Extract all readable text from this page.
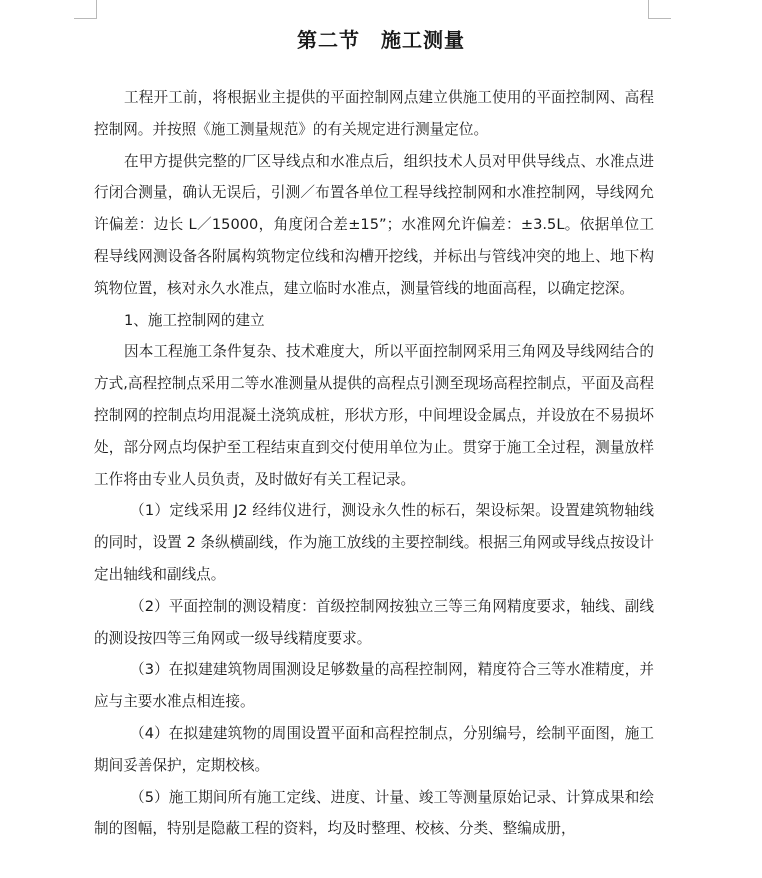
第二节　施工测量

工程开工前，将根据业主提供的平面控制网点建立供施工使用的平面控制网、高程控制网。并按照《施工测量规范》的有关规定进行测量定位。

在甲方提供完整的厂区导线点和水准点后，组织技术人员对甲供导线点、水准点进行闭合测量，确认无误后，引测／布置各单位工程导线控制网和水准控制网，导线网允许偏差：边长 L／15000，角度闭合差±15”；水准网允许偏差：±3.5L。依据单位工程导线网测设备各附属构筑物定位线和沟槽开挖线，并标出与管线冲突的地上、地下构筑物位置，核对永久水准点，建立临时水准点，测量管线的地面高程，以确定挖深。

1、施工控制网的建立

因本工程施工条件复杂、技术难度大，所以平面控制网采用三角网及导线网结合的方式,高程控制点采用二等水准测量从提供的高程点引测至现场高程控制点，平面及高程控制网的控制点均用混凝土浇筑成桩，形状方形，中间埋设金属点，并设放在不易损坏处，部分网点均保护至工程结束直到交付使用单位为止。贯穿于施工全过程，测量放样工作将由专业人员负责，及时做好有关工程记录。

（1）定线采用 J2 经纬仪进行，测设永久性的标石，架设标架。设置建筑物轴线的同时，设置 2 条纵横副线，作为施工放线的主要控制线。根据三角网或导线点按设计定出轴线和副线点。

（2）平面控制的测设精度：首级控制网按独立三等三角网精度要求，轴线、副线的测设按四等三角网或一级导线精度要求。

（3）在拟建建筑物周围测设足够数量的高程控制网，精度符合三等水准精度，并应与主要水准点相连接。

（4）在拟建建筑物的周围设置平面和高程控制点，分别编号，绘制平面图，施工期间妥善保护，定期校核。

（5）施工期间所有施工定线、进度、计量、竣工等测量原始记录、计算成果和绘制的图幅，特别是隐蔽工程的资料，均及时整理、校核、分类、整编成册，
